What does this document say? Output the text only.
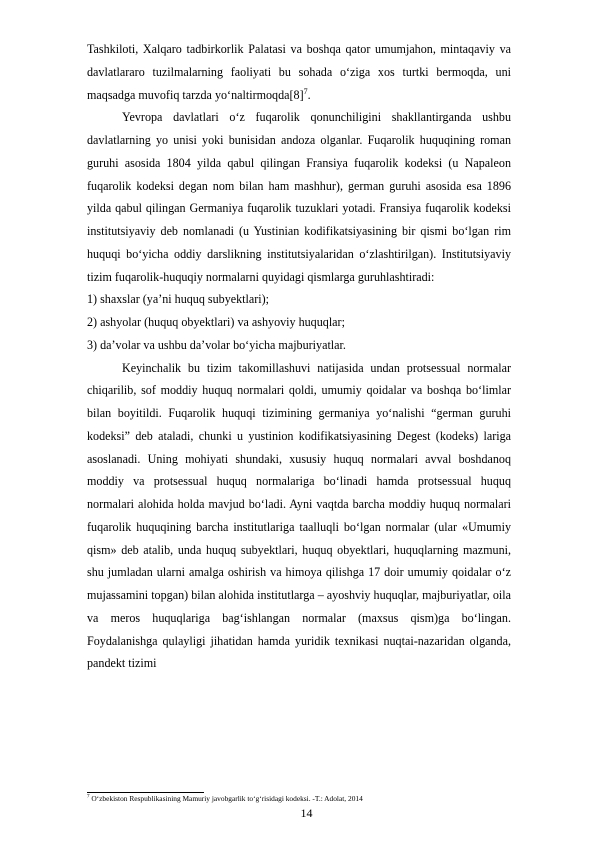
Tashkiloti, Xalqaro tadbirkorlik Palatasi va boshqa qator umumjahon, mintaqaviy va davlatlararo tuzilmalarning faoliyati bu sohada o‘ziga xos turtki bermoqda, uni maqsadga muvofiq tarzda $yo‘naltirmoqda[8]^7$.

Yevropa davlatlari o‘z fuqarolik qonunchiligini shakllantirganda ushbu davlatlarning yo unisi yoki bunisidan andoza olganlar. Fuqarolik huquqining roman guruhi asosida 1804 yilda qabul qilingan Fransiya fuqarolik kodeksi (u Napaleon fuqarolik kodeksi degan nom bilan ham mashhur), german guruhi asosida esa 1896 yilda qabul qilingan Germaniya fuqarolik tuzuklari yotadi. Fransiya fuqarolik kodeksi institutsiyaviy deb nomlanadi (u Yustinian kodifikatsiyasining bir qismi bo‘lgan rim huquqi bo‘yicha oddiy darslikning institutsiyalaridan o‘zlashtirilgan). Institutsiyaviy tizim fuqarolik-huquqiy normalarni quyidagi qismlarga guruhlashtiradi:

1) shaxslar (ya’ni huquq subyektlari);

2) ashyolar (huquq obyektlari) va ashyoviy huquqlar;

3) da’volar va ushbu da’volar bo‘yicha majburiyatlar.

Keyinchalik bu tizim takomillashuvi natijasida undan protsessual normalar chiqarilib, sof moddiy huquq normalari qoldi, umumiy qoidalar va boshqa bo‘limlar bilan boyitildi. Fuqarolik huquqi tizimining germaniya yo‘nalishi “german guruhi kodeksi” deb ataladi, chunki u yustinion kodifikatsiyasining Degest (kodeks) lariga asoslanadi. Uning mohiyati shundaki, xususiy huquq normalari avval boshdanoq moddiy va protsessual huquq normalariga bo‘linadi hamda protsessual huquq normalari alohida holda mavjud bo‘ladi. Ayni vaqtda barcha moddiy huquq normalari fuqarolik huquqining barcha institutlariga taalluqli bo‘lgan normalar (ular «Umumiy qism» deb atalib, unda huquq subyektlari, huquq obyektlari, huquqlarning mazmuni, shu jumladan ularni amalga oshirish va himoya qilishga 17 doir umumiy qoidalar o‘z mujassamini topgan) bilan alohida institutlarga – ayoshviy huquqlar, majburiyatlar, oila va meros huquqlariga bag‘ishlangan normalar (maxsus qism)ga bo‘lingan. Foydalanishga qulayligi jihatidan hamda yuridik texnikasi nuqtai-nazaridan olganda, pandekt tizimi

$^7$ O‘zbekiston Respublikasining Mamuriy javobgarlik to‘g‘risidagi kodeksi. -T.: Adolat, 2014
14
